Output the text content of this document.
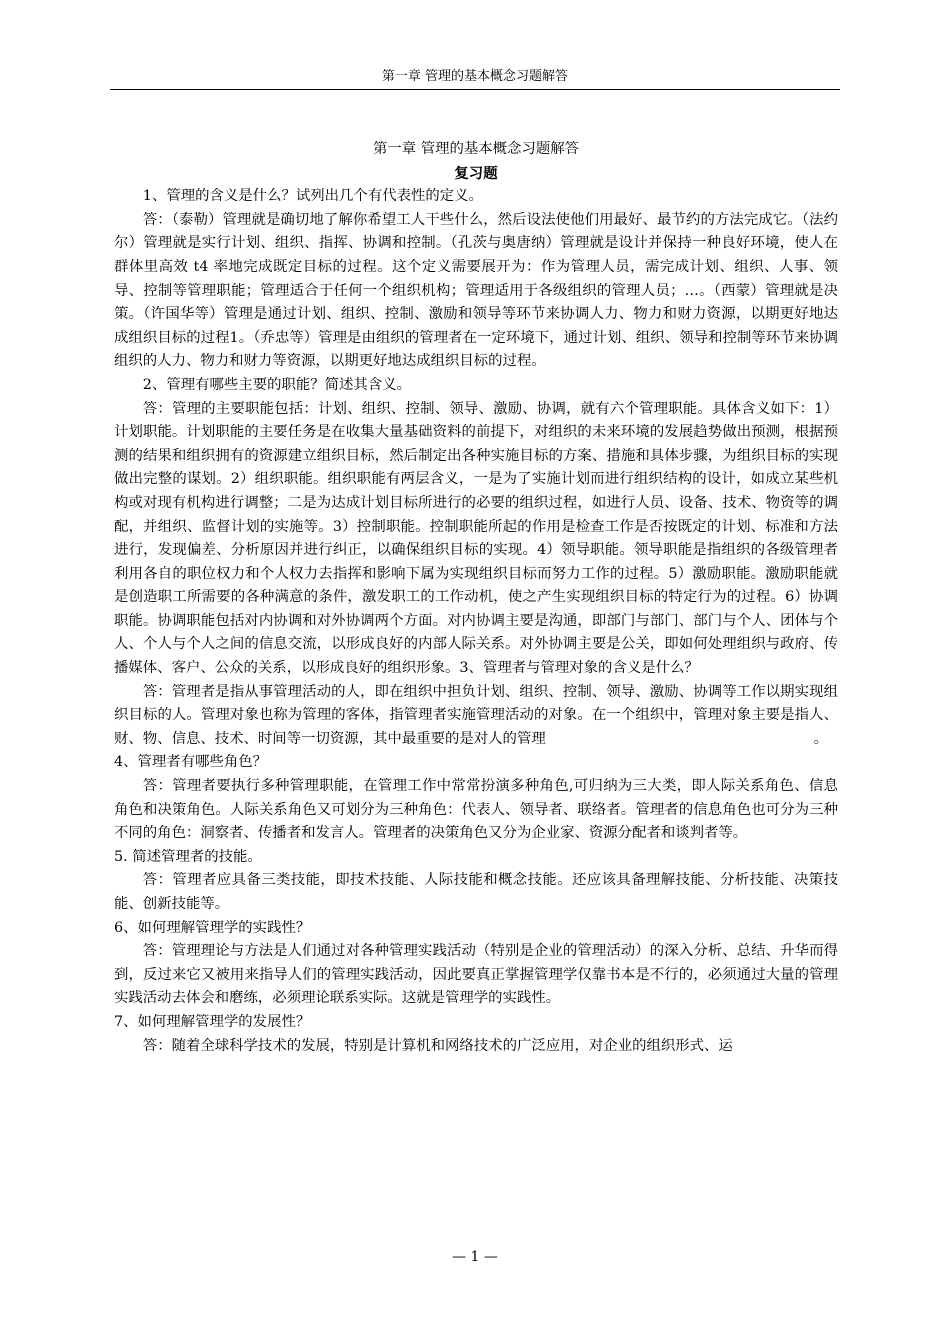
第一章 管理的基本概念习题解答
第一章 管理的基本概念习题解答
复习题

1、管理的含义是什么？试列出几个有代表性的定义。

答：（泰勒）管理就是确切地了解你希望工人干些什么，然后设法使他们用最好、最节约的方法完成它。（法约尔）管理就是实行计划、组织、指挥、协调和控制。（孔茨与奥唐纳）管理就是设计并保持一种良好环境，使人在群体里高效 t4 率地完成既定目标的过程。这个定义需要展开为：作为管理人员，需完成计划、组织、人事、领导、控制等管理职能；管理适合于任何一个组织机构；管理适用于各级组织的管理人员；…。（西蒙）管理就是决策。（许国华等）管理是通过计划、组织、控制、激励和领导等环节来协调人力、物力和财力资源，以期更好地达成组织目标的过程1。（乔忠等）管理是由组织的管理者在一定环境下，通过计划、组织、领导和控制等环节来协调组织的人力、物力和财力等资源，以期更好地达成组织目标的过程。

2、管理有哪些主要的职能？简述其含义。

答：管理的主要职能包括：计划、组织、控制、领导、激励、协调，就有六个管理职能。具体含义如下：1）计划职能。计划职能的主要任务是在收集大量基础资料的前提下，对组织的未来环境的发展趋势做出预测，根据预测的结果和组织拥有的资源建立组织目标，然后制定出各种实施目标的方案、措施和具体步骤，为组织目标的实现做出完整的谋划。2）组织职能。组织职能有两层含义，一是为了实施计划而进行组织结构的设计，如成立某些机构或对现有机构进行调整；二是为达成计划目标所进行的必要的组织过程，如进行人员、设备、技术、物资等的调配，并组织、监督计划的实施等。3）控制职能。控制职能所起的作用是检查工作是否按既定的计划、标准和方法进行，发现偏差、分析原因并进行纠正，以确保组织目标的实现。4）领导职能。领导职能是指组织的各级管理者利用各自的职位权力和个人权力去指挥和影响下属为实现组织目标而努力工作的过程。5）激励职能。激励职能就是创造职工所需要的各种满意的条件，激发职工的工作动机，使之产生实现组织目标的特定行为的过程。6）协调职能。协调职能包括对内协调和对外协调两个方面。对内协调主要是沟通，即部门与部门、部门与个人、团体与个人、个人与个人之间的信息交流，以形成良好的内部人际关系。对外协调主要是公关，即如何处理组织与政府、传播媒体、客户、公众的关系，以形成良好的组织形象。3、管理者与管理对象的含义是什么？

答：管理者是指从事管理活动的人，即在组织中担负计划、组织、控制、领导、激励、协调等工作以期实现组织目标的人。管理对象也称为管理的客体，指管理者实施管理活动的对象。在一个组织中，管理对象主要是指人、财、物、信息、技术、时间等一切资源，其中最重要的是对人的管理	。

4、管理者有哪些角色？

答：管理者要执行多种管理职能，在管理工作中常常扮演多种角色,可归纳为三大类，即人际关系角色、信息角色和决策角色。人际关系角色又可划分为三种角色：代表人、领导者、联络者。管理者的信息角色也可分为三种不同的角色：洞察者、传播者和发言人。管理者的决策角色又分为企业家、资源分配者和谈判者等。

5. 简述管理者的技能。

答：管理者应具备三类技能，即技术技能、人际技能和概念技能。还应该具备理解技能、分析技能、决策技能、创新技能等。

6、如何理解管理学的实践性？

答：管理理论与方法是人们通过对各种管理实践活动（特别是企业的管理活动）的深入分析、总结、升华而得到，反过来它又被用来指导人们的管理实践活动，因此要真正掌握管理学仅靠书本是不行的，必须通过大量的管理实践活动去体会和磨练，必须理论联系实际。这就是管理学的实践性。

7、如何理解管理学的发展性？

答：随着全球科学技术的发展，特别是计算机和网络技术的广泛应用，对企业的组织形式、运

— 1 —
